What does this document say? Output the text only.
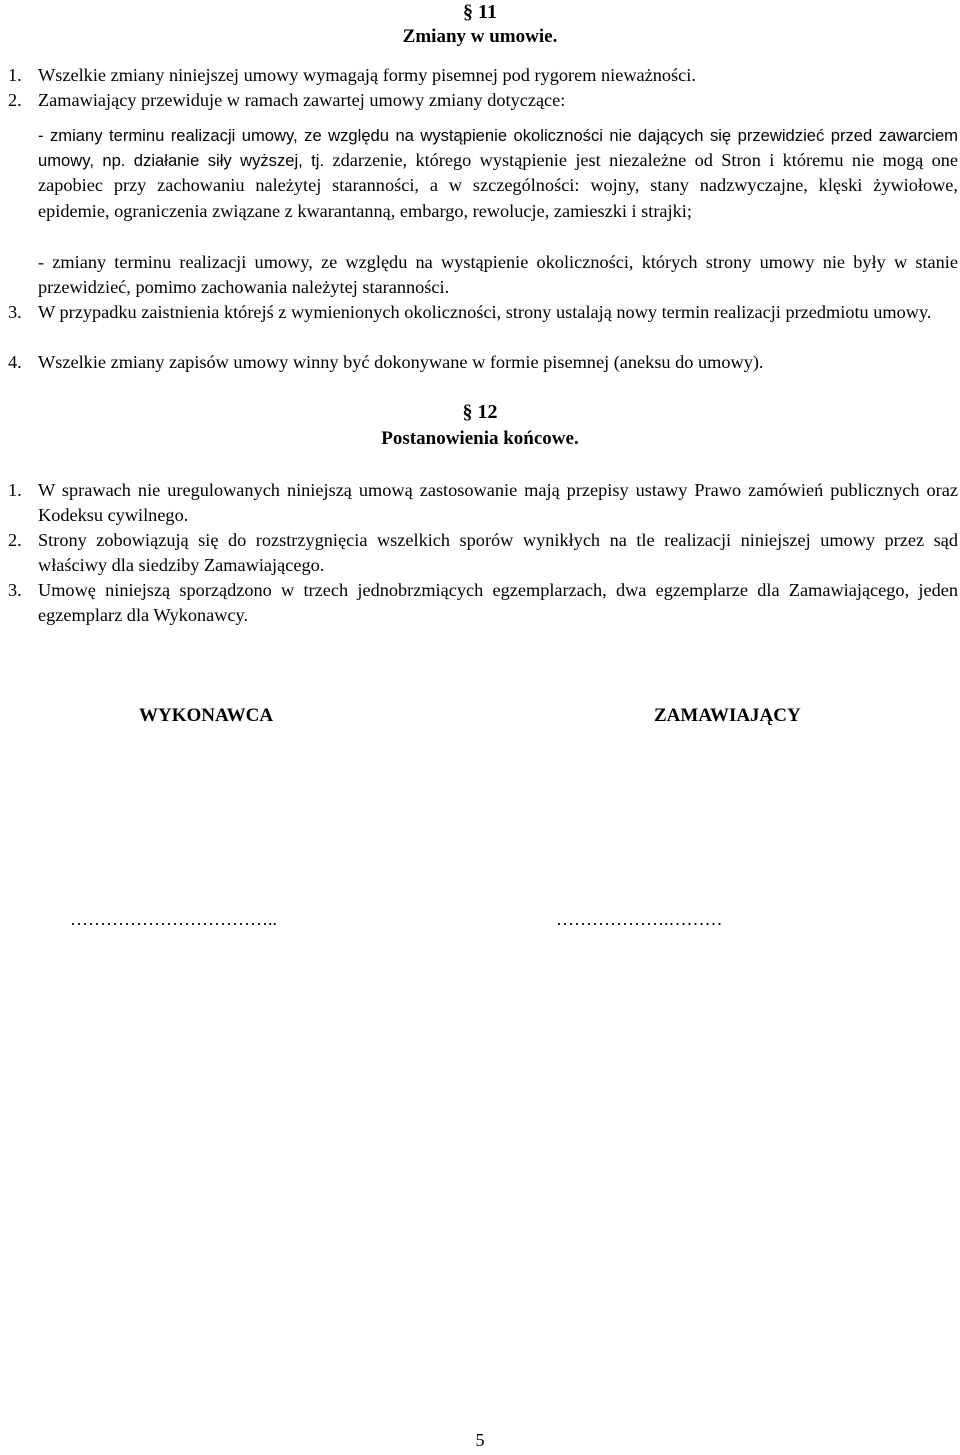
§ 11
Zmiany w umowie.
1. Wszelkie zmiany niniejszej umowy wymagają formy pisemnej pod rygorem nieważności.
2. Zamawiający przewiduje w ramach zawartej umowy zmiany dotyczące:
- zmiany terminu realizacji umowy, ze względu na wystąpienie okoliczności nie dających się przewidzieć przed zawarciem umowy, np. działanie siły wyższej, tj. zdarzenie, którego wystąpienie jest niezależne od Stron i któremu nie mogą one zapobiec przy zachowaniu należytej staranności, a w szczególności: wojny, stany nadzwyczajne, klęski żywiołowe, epidemie, ograniczenia związane z kwarantanną, embargo, rewolucje, zamieszki i strajki;
- zmiany terminu realizacji umowy, ze względu na wystąpienie okoliczności, których strony umowy nie były w stanie przewidzieć, pomimo zachowania należytej staranności.
3. W przypadku zaistnienia którejś z wymienionych okoliczności, strony ustalają nowy termin realizacji przedmiotu umowy.
4. Wszelkie zmiany zapisów umowy winny być dokonywane w formie pisemnej (aneksu do umowy).
§ 12
Postanowienia końcowe.
1. W sprawach nie uregulowanych niniejszą umową zastosowanie mają przepisy ustawy Prawo zamówień publicznych oraz Kodeksu cywilnego.
2. Strony zobowiązują się do rozstrzygnięcia wszelkich sporów wynikłych na tle realizacji niniejszej umowy przez sąd właściwy dla siedziby Zamawiającego.
3. Umowę niniejszą sporządzono w trzech jednobrzmiących egzemplarzach, dwa egzemplarze dla Zamawiającego, jeden egzemplarz dla Wykonawcy.
WYKONAWCA	ZAMAWIAJĄCY
……………………………..	……………….………
5
